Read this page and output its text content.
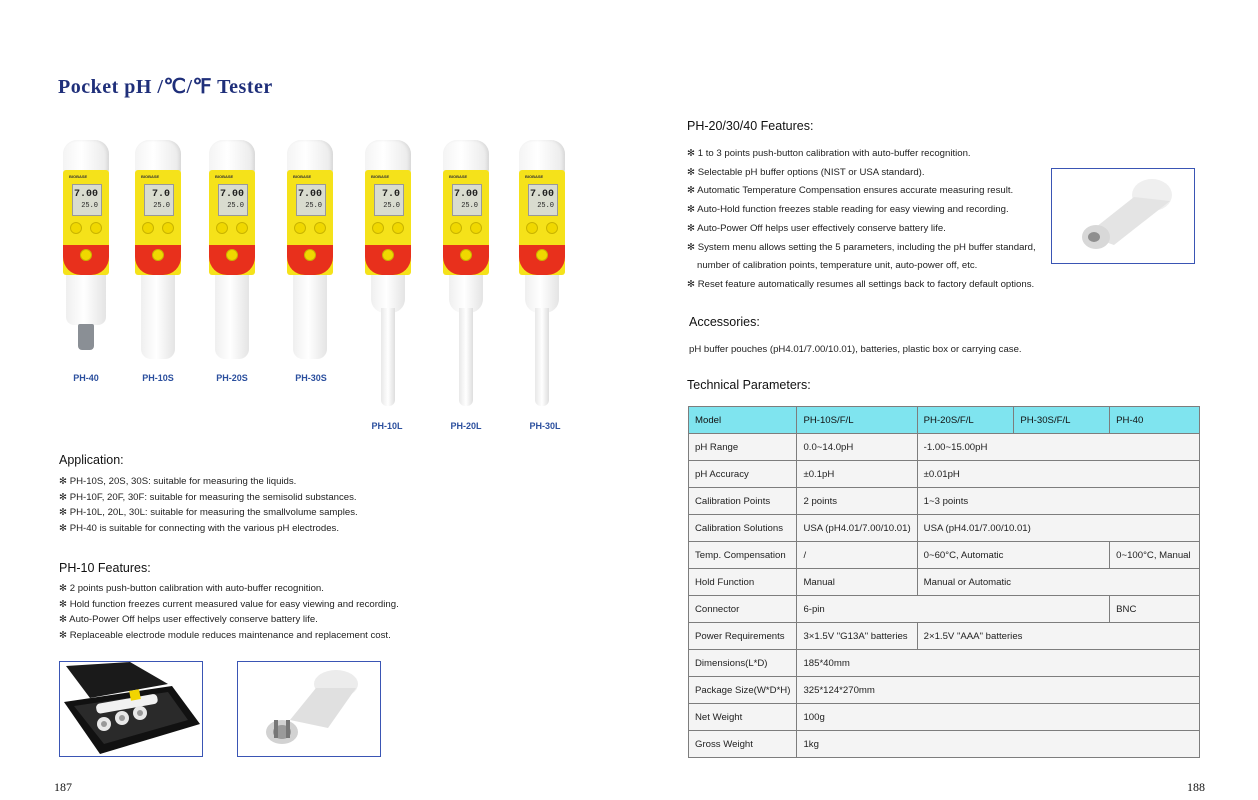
Pocket pH /℃/℉ Tester
BIOBASE
7.00
25.0
BIOBASE
7.0
25.0
BIOBASE
7.00
25.0
BIOBASE
7.00
25.0
BIOBASE
7.0
25.0
BIOBASE
7.00
25.0
BIOBASE
7.00
25.0
PH-40	PH-10S	PH-20S	PH-30S
PH-10L	PH-20L	PH-30L
Application:
✻ PH-10S, 20S, 30S: suitable for measuring the liquids.
✻ PH-10F, 20F, 30F: suitable for measuring the semisolid substances.
✻ PH-10L, 20L, 30L: suitable for measuring the smallvolume samples.
✻ PH-40 is suitable for connecting with the various pH electrodes.
PH-10 Features:
✻ 2 points push-button calibration with auto-buffer recognition.
✻ Hold function freezes current measured value for easy viewing and recording.
✻ Auto-Power Off helps user effectively conserve battery life.
✻ Replaceable electrode module reduces maintenance and replacement cost.
187
PH-20/30/40 Features:
✻ 1 to 3 points push-button calibration with auto-buffer recognition.
✻ Selectable pH buffer options (NIST or USA standard).
✻ Automatic Temperature Compensation ensures accurate measuring result.
✻ Auto-Hold function freezes stable reading for easy viewing and recording.
✻ Auto-Power Off helps user effectively conserve battery life.
✻ System menu allows setting the 5 parameters, including the pH buffer standard,
number of calibration points, temperature unit, auto-power off, etc.
✻ Reset feature automatically resumes all settings back to factory default options.
Accessories:
pH buffer pouches (pH4.01/7.00/10.01), batteries, plastic box or carrying case.
Technical Parameters:
Model	PH-10S/F/L	PH-20S/F/L	PH-30S/F/L	PH-40
pH Range	0.0~14.0pH	-1.00~15.00pH		
pH Accuracy	±0.1pH	±0.01pH		
Calibration Points	2 points	1~3 points		
Calibration Solutions	USA (pH4.01/7.00/10.01)	USA (pH4.01/7.00/10.01)		
Temp. Compensation	/	0~60°C, Automatic		0~100°C, Manual
Hold Function	Manual	Manual or Automatic		
Connector	6-pin			BNC
Power Requirements	3×1.5V "G13A" batteries	2×1.5V "AAA" batteries		
Dimensions(L*D)	185*40mm			
Package Size(W*D*H)	325*124*270mm			
Net Weight	100g			
Gross Weight	1kg			
188
